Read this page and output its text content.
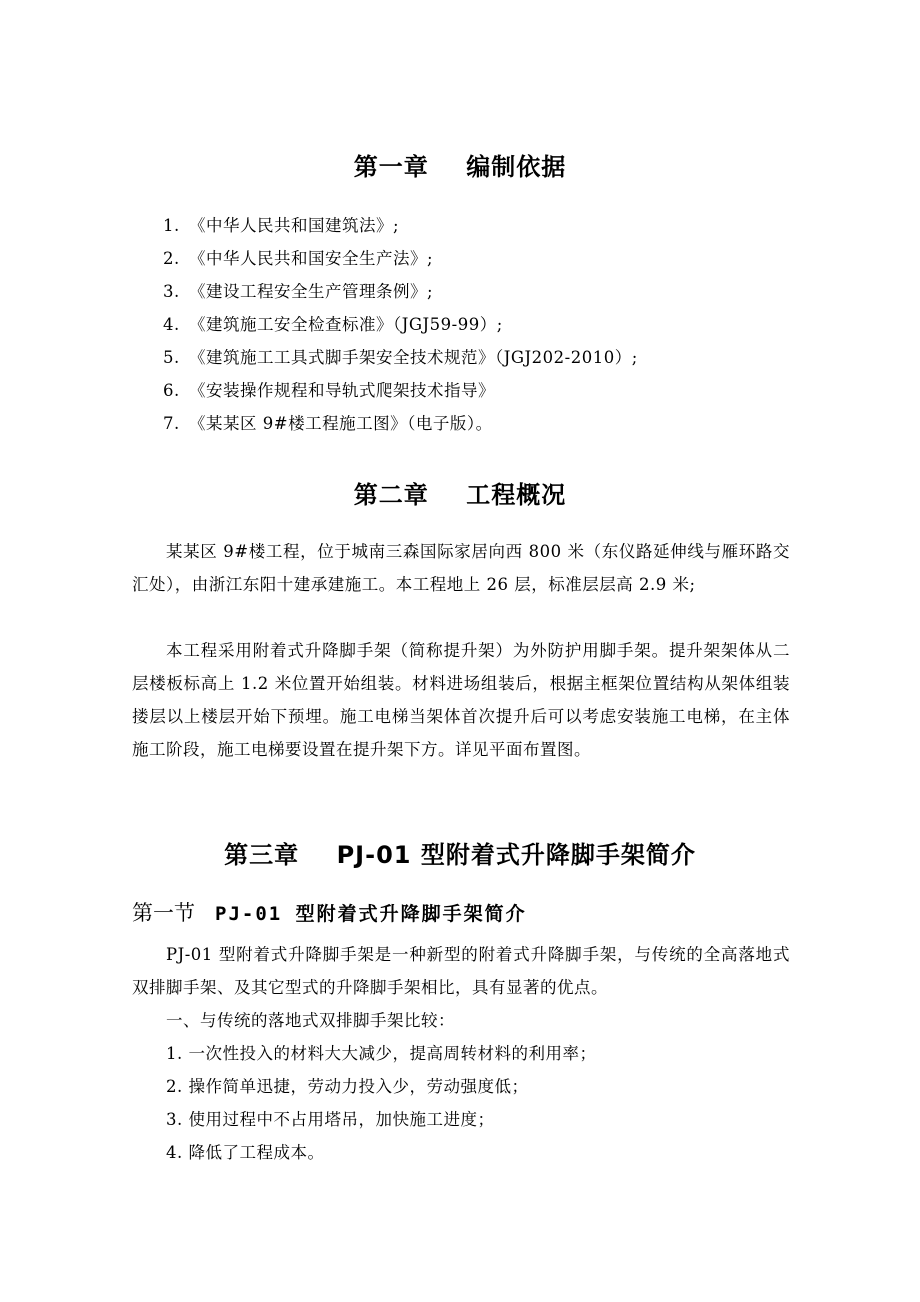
第一章    编制依据
1. 《中华人民共和国建筑法》;
2. 《中华人民共和国安全生产法》;
3. 《建设工程安全生产管理条例》;
4. 《建筑施工安全检查标准》（JGJ59-99）;
5. 《建筑施工工具式脚手架安全技术规范》（JGJ202-2010）;
6. 《安装操作规程和导轨式爬架技术指导》
7. 《某某区 9#楼工程施工图》（电子版）。
第二章    工程概况

某某区 9#楼工程，位于城南三森国际家居向西 800 米（东仪路延伸线与雁环路交汇处），由浙江东阳十建承建施工。本工程地上 26 层，标准层层高 2.9 米;

本工程采用附着式升降脚手架（简称提升架）为外防护用脚手架。提升架架体从二层楼板标高上 1.2 米位置开始组装。材料进场组装后，根据主框架位置结构从架体组装搂层以上楼层开始下预埋。施工电梯当架体首次提升后可以考虑安装施工电梯，在主体施工阶段，施工电梯要设置在提升架下方。详见平面布置图。

第三章    PJ-01 型附着式升降脚手架简介
第一节 PJ-01 型附着式升降脚手架简介

PJ-01 型附着式升降脚手架是一种新型的附着式升降脚手架，与传统的全高落地式双排脚手架、及其它型式的升降脚手架相比，具有显著的优点。

一、与传统的落地式双排脚手架比较：
1. 一次性投入的材料大大减少，提高周转材料的利用率；
2. 操作简单迅捷，劳动力投入少，劳动强度低；
3. 使用过程中不占用塔吊，加快施工进度；
4. 降低了工程成本。
